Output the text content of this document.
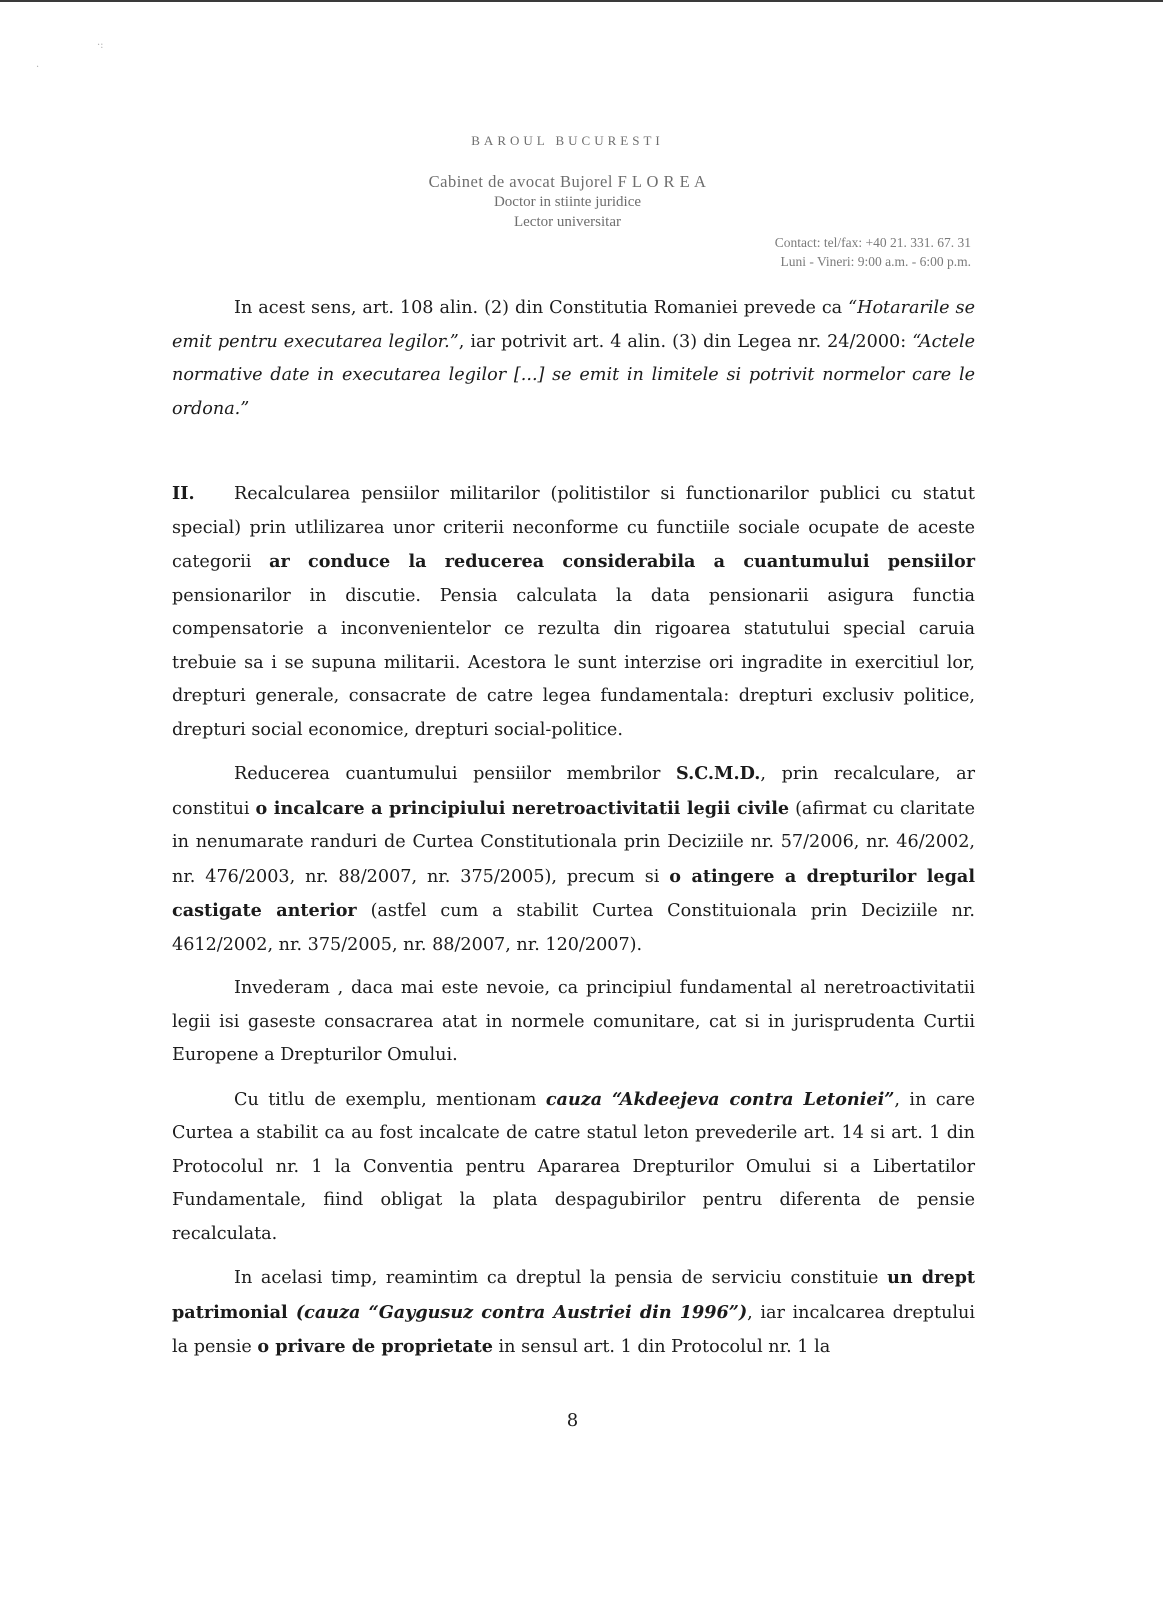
·:
·
BAROUL BUCURESTI
Cabinet de avocat Bujorel F L O R E A
Doctor in stiinte juridice
Lector universitar
Contact: tel/fax: +40 21. 331. 67. 31
Luni - Vineri: 9:00 a.m. - 6:00 p.m.

In acest sens, art. 108 alin. (2) din Constitutia Romaniei prevede ca “Hotararile se emit pentru executarea legilor.”, iar potrivit art. 4 alin. (3) din Legea nr. 24/2000: “Actele normative date in executarea legilor [...] se emit in limitele si potrivit normelor care le ordona.”

II. Recalcularea pensiilor militarilor (politistilor si functionarilor publici cu statut special) prin utlilizarea unor criterii neconforme cu functiile sociale ocupate de aceste categorii ar conduce la reducerea considerabila a cuantumului pensiilor pensionarilor in discutie. Pensia calculata la data pensionarii asigura functia compensatorie a inconvenientelor ce rezulta din rigoarea statutului special caruia trebuie sa i se supuna militarii. Acestora le sunt interzise ori ingradite in exercitiul lor, drepturi generale, consacrate de catre legea fundamentala: drepturi exclusiv politice, drepturi social economice, drepturi social-politice.

Reducerea cuantumului pensiilor membrilor S.C.M.D., prin recalculare, ar constitui o incalcare a principiului neretroactivitatii legii civile (afirmat cu claritate in nenumarate randuri de Curtea Constitutionala prin Deciziile nr. 57/2006, nr. 46/2002, nr. 476/2003, nr. 88/2007, nr. 375/2005), precum si o atingere a drepturilor legal castigate anterior (astfel cum a stabilit Curtea Constituionala prin Deciziile nr. 4612/2002, nr. 375/2005, nr. 88/2007, nr. 120/2007).

Invederam , daca mai este nevoie, ca principiul fundamental al neretroactivitatii legii isi gaseste consacrarea atat in normele comunitare, cat si in jurisprudenta Curtii Europene a Drepturilor Omului.

Cu titlu de exemplu, mentionam cauza “Akdeejeva contra Letoniei”, in care Curtea a stabilit ca au fost incalcate de catre statul leton prevederile art. 14 si art. 1 din Protocolul nr. 1 la Conventia pentru Apararea Drepturilor Omului si a Libertatilor Fundamentale, fiind obligat la plata despagubirilor pentru diferenta de pensie recalculata.

In acelasi timp, reamintim ca dreptul la pensia de serviciu constituie un drept patrimonial (cauza “Gaygusuz contra Austriei din 1996”), iar incalcarea dreptului la pensie o privare de proprietate in sensul art. 1 din Protocolul nr. 1 la

8
